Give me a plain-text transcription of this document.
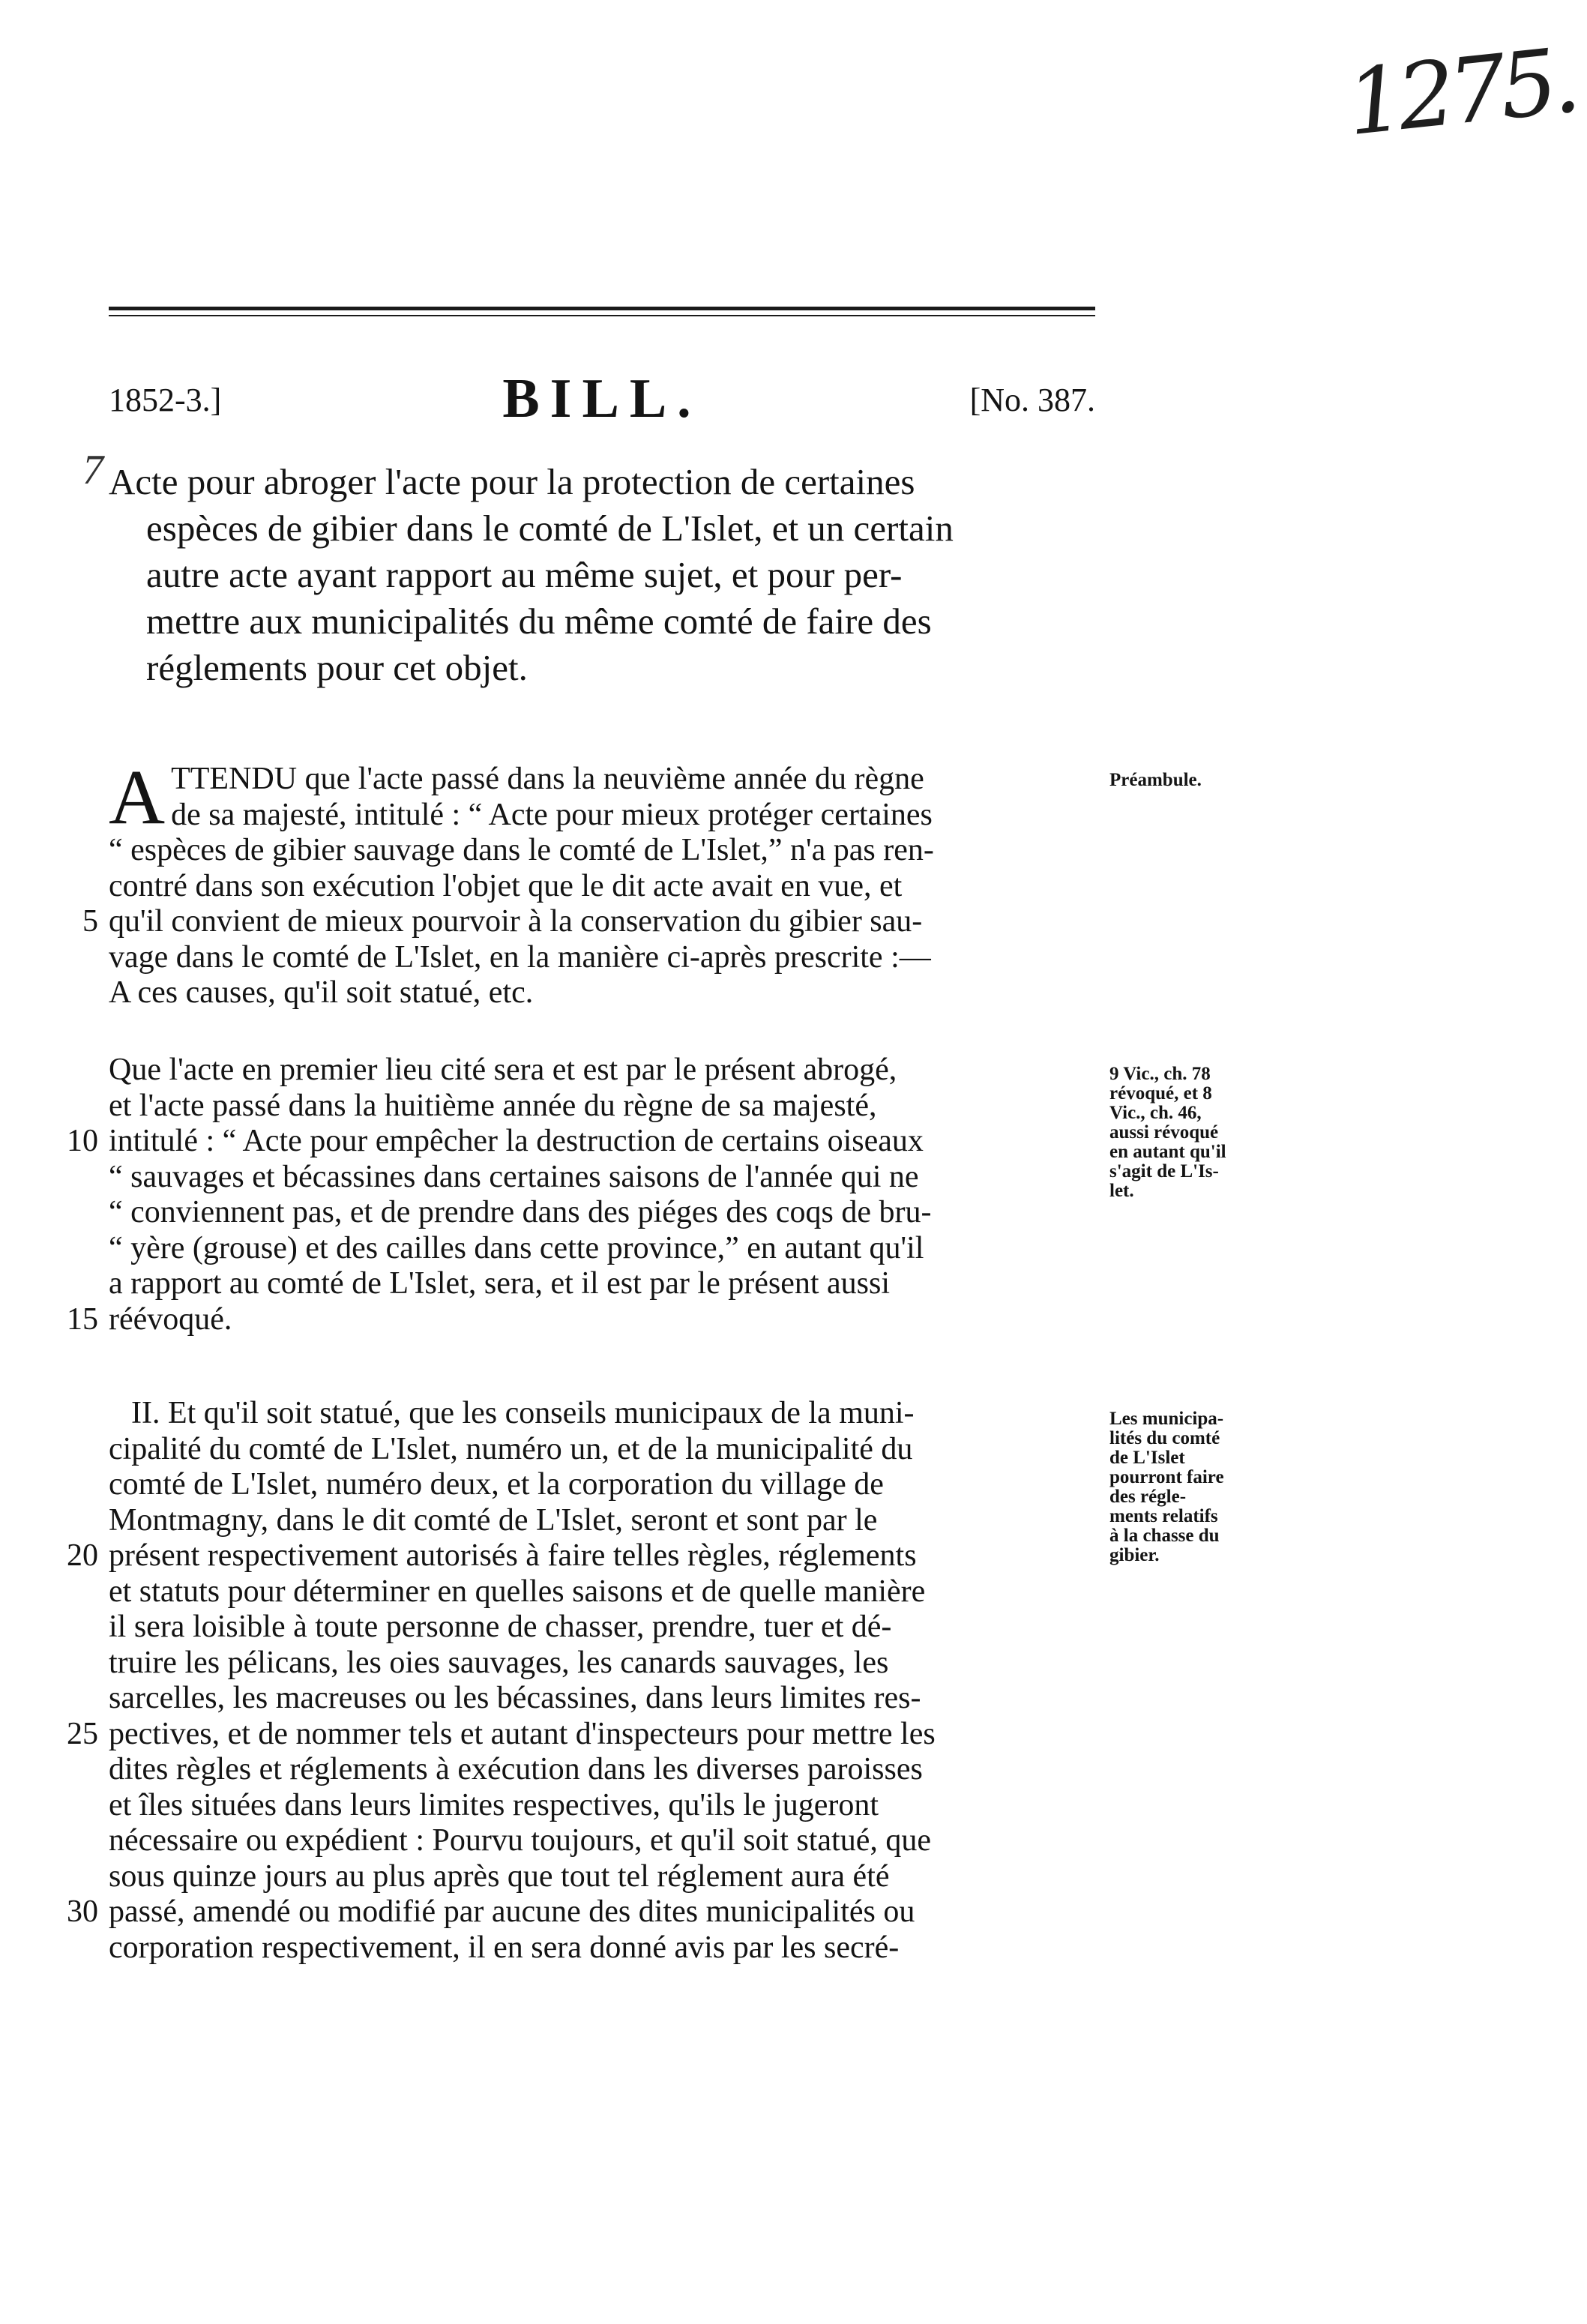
1275.
1852-3.]	BILL.	[No. 387.
7 Acte pour abroger l'acte pour la protection de certaines
espèces de gibier dans le comté de L'Islet, et un certain
autre acte ayant rapport au même sujet, et pour per-
mettre aux municipalités du même comté de faire des
réglements pour cet objet.
A TTENDU que l'acte passé dans la neuvième année du règne
de sa majesté, intitulé : “ Acte pour mieux protéger certaines
“ espèces de gibier sauvage dans le comté de L'Islet,” n'a pas ren-
contré dans son exécution l'objet que le dit acte avait en vue, et
qu'il convient de mieux pourvoir à la conservation du gibier sau-
5
vage dans le comté de L'Islet, en la manière ci-après prescrite :—
A ces causes, qu'il soit statué, etc.
Préambule.
Que l'acte en premier lieu cité sera et est par le présent abrogé,
et l'acte passé dans la huitième année du règne de sa majesté,
intitulé : “ Acte pour empêcher la destruction de certains oiseaux
10
“ sauvages et bécassines dans certaines saisons de l'année qui ne
“ conviennent pas, et de prendre dans des piéges des coqs de bru-
“ yère (grouse) et des cailles dans cette province,” en autant qu'il
a rapport au comté de L'Islet, sera, et il est par le présent aussi
réévoqué.
15
9 Vic., ch. 78
révoqué, et 8
Vic., ch. 46,
aussi révoqué
en autant qu'il
s'agit de L'Is-
let.
II. Et qu'il soit statué, que les conseils municipaux de la muni-
cipalité du comté de L'Islet, numéro un, et de la municipalité du
comté de L'Islet, numéro deux, et la corporation du village de
Montmagny, dans le dit comté de L'Islet, seront et sont par le
présent respectivement autorisés à faire telles règles, réglements
20
et statuts pour déterminer en quelles saisons et de quelle manière
il sera loisible à toute personne de chasser, prendre, tuer et dé-
truire les pélicans, les oies sauvages, les canards sauvages, les
sarcelles, les macreuses ou les bécassines, dans leurs limites res-
pectives, et de nommer tels et autant d'inspecteurs pour mettre les
25
dites règles et réglements à exécution dans les diverses paroisses
et îles situées dans leurs limites respectives, qu'ils le jugeront
nécessaire ou expédient : Pourvu toujours, et qu'il soit statué, que
sous quinze jours au plus après que tout tel réglement aura été
passé, amendé ou modifié par aucune des dites municipalités ou
30
corporation respectivement, il en sera donné avis par les secré-
Les municipa-
lités du comté
de L'Islet
pourront faire
des régle-
ments relatifs
à la chasse du
gibier.
